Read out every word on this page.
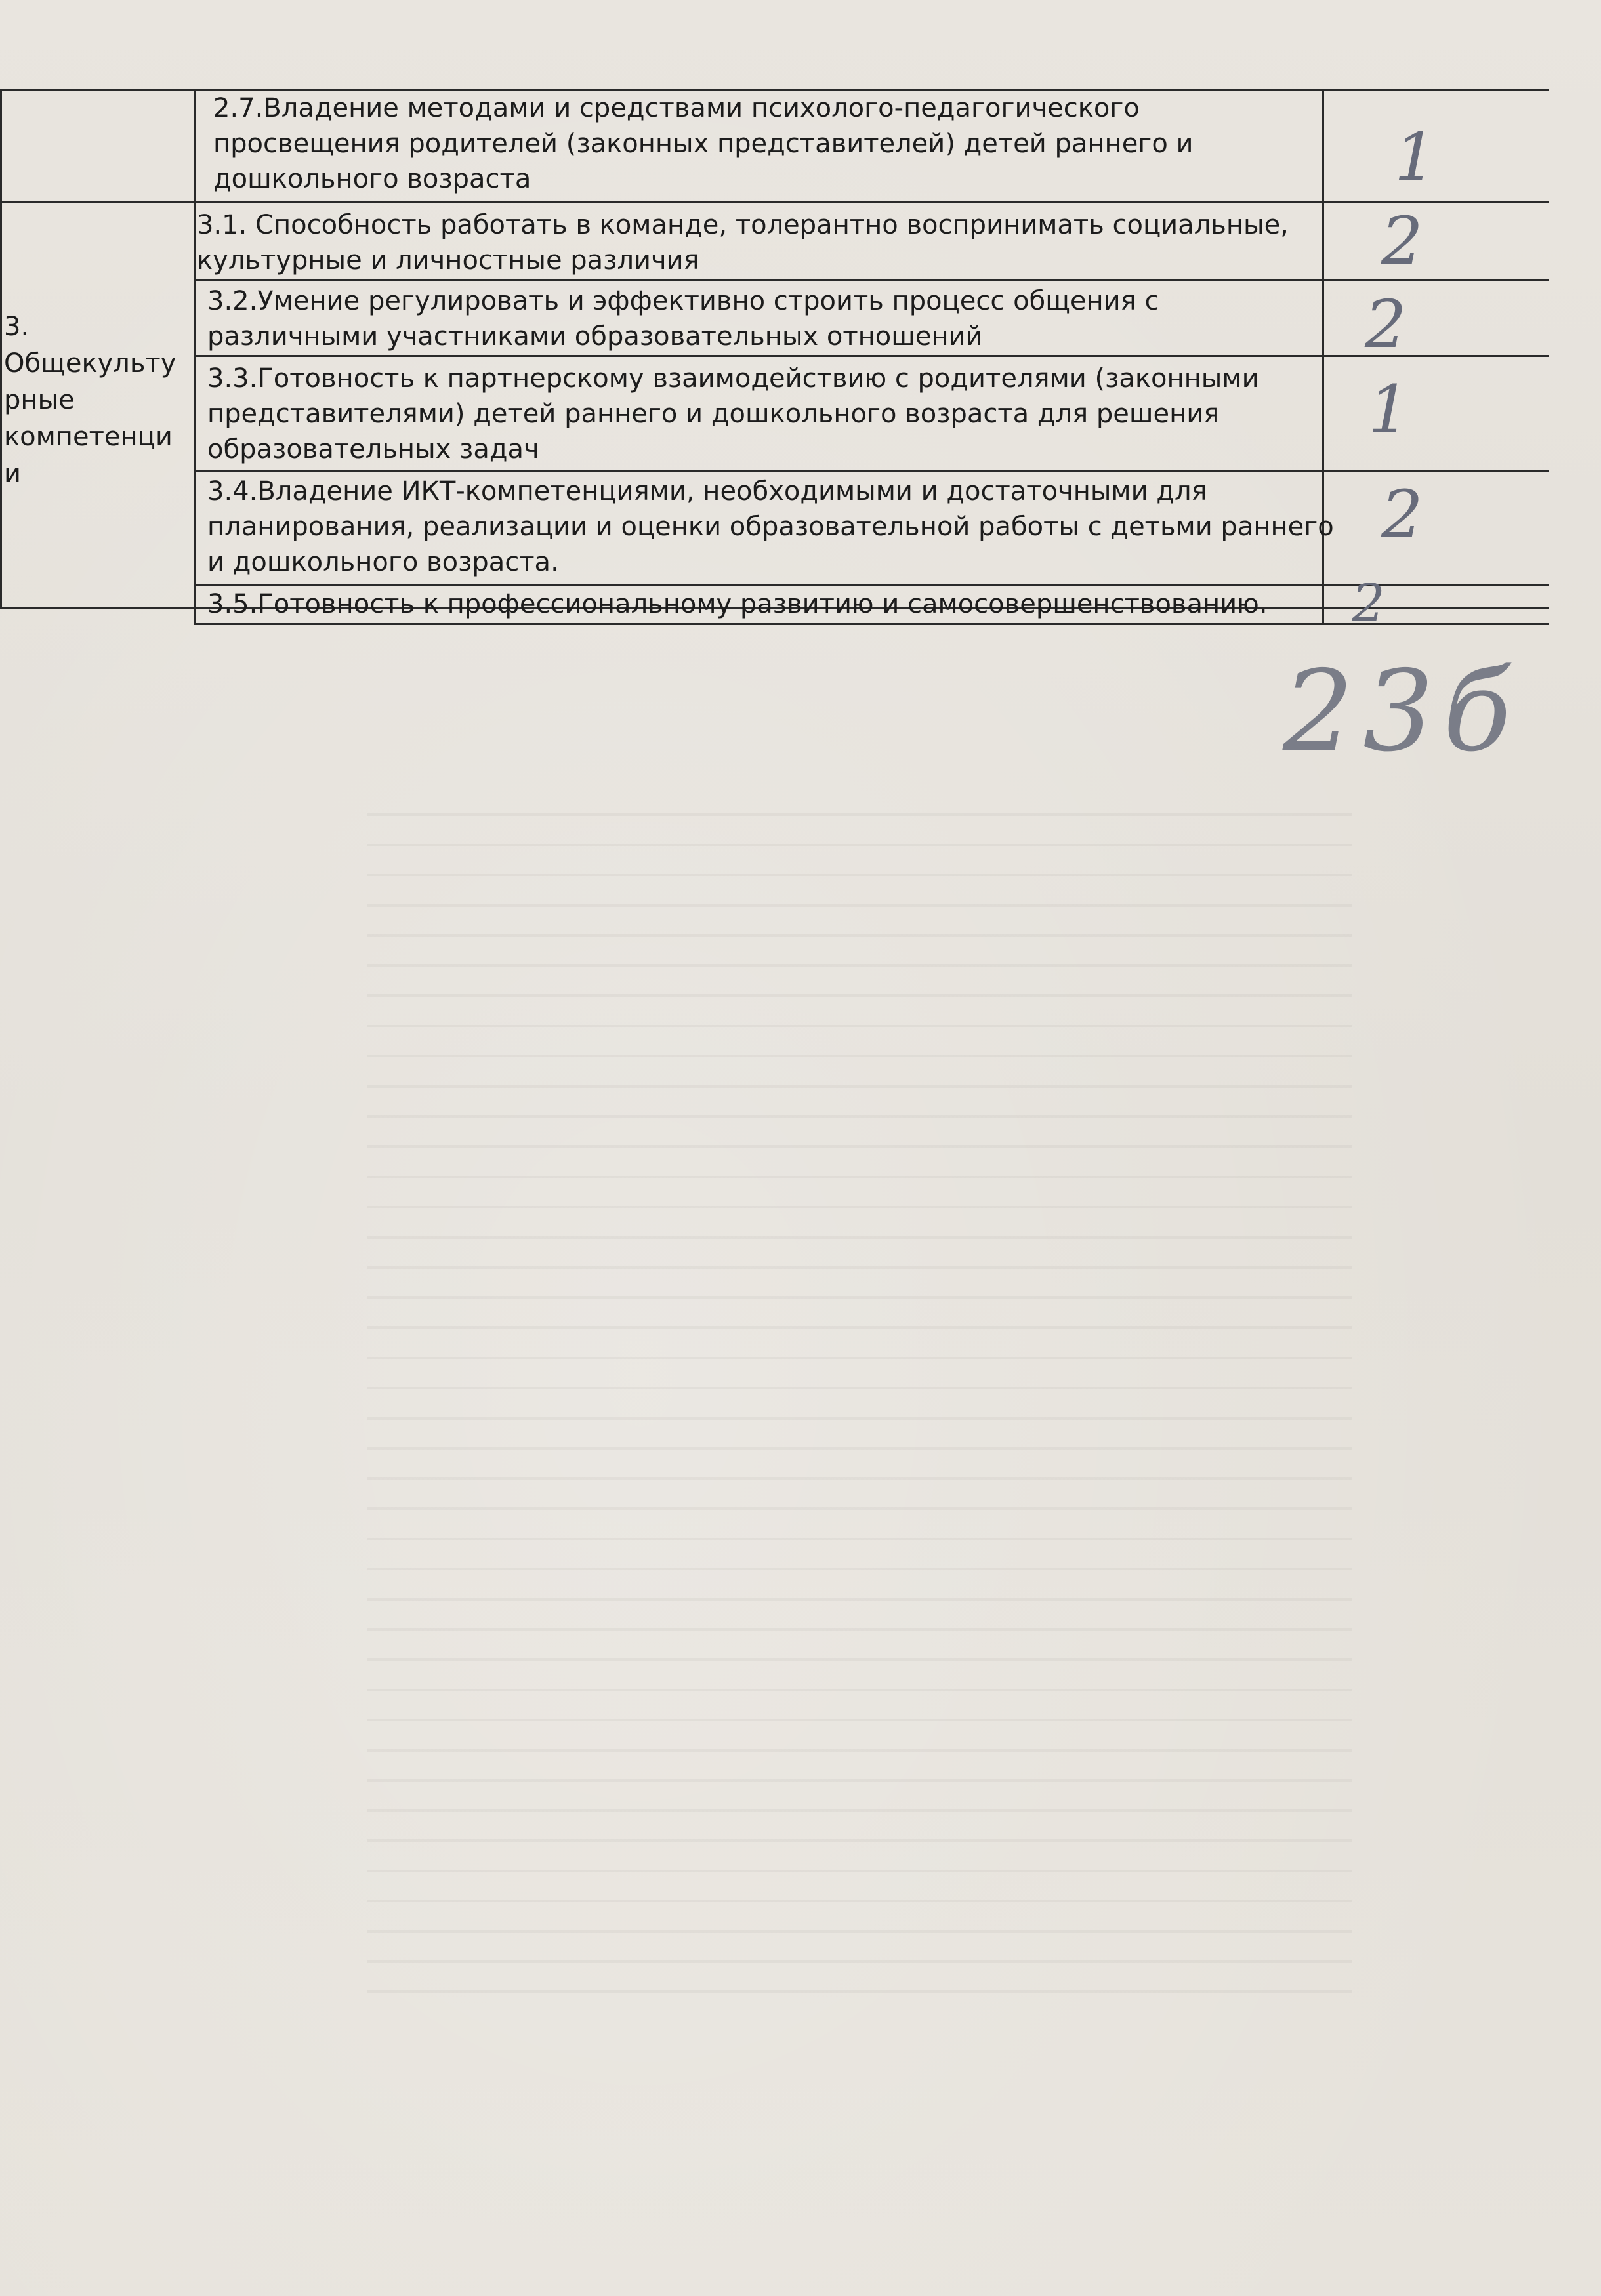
3.
Общекульту
рные
компетенци
и
2.7.Владение методами и средствами психолого-педагогического
просвещения родителей (законных представителей) детей раннего и
дошкольного возраста
3.1. Способность работать в команде, толерантно воспринимать социальные,
культурные и личностные различия
3.2.Умение регулировать и эффективно строить процесс общения с
различными участниками образовательных отношений
3.3.Готовность к партнерскому взаимодействию с родителями (законными
представителями) детей раннего и дошкольного возраста для решения
образовательных задач
3.4.Владение ИКТ-компетенциями, необходимыми и достаточными для
планирования, реализации и оценки образовательной работы с детьми раннего
и дошкольного возраста.
3.5.Готовность к профессиональному развитию и самосовершенствованию.
1
2
2
1
2
2
23б
